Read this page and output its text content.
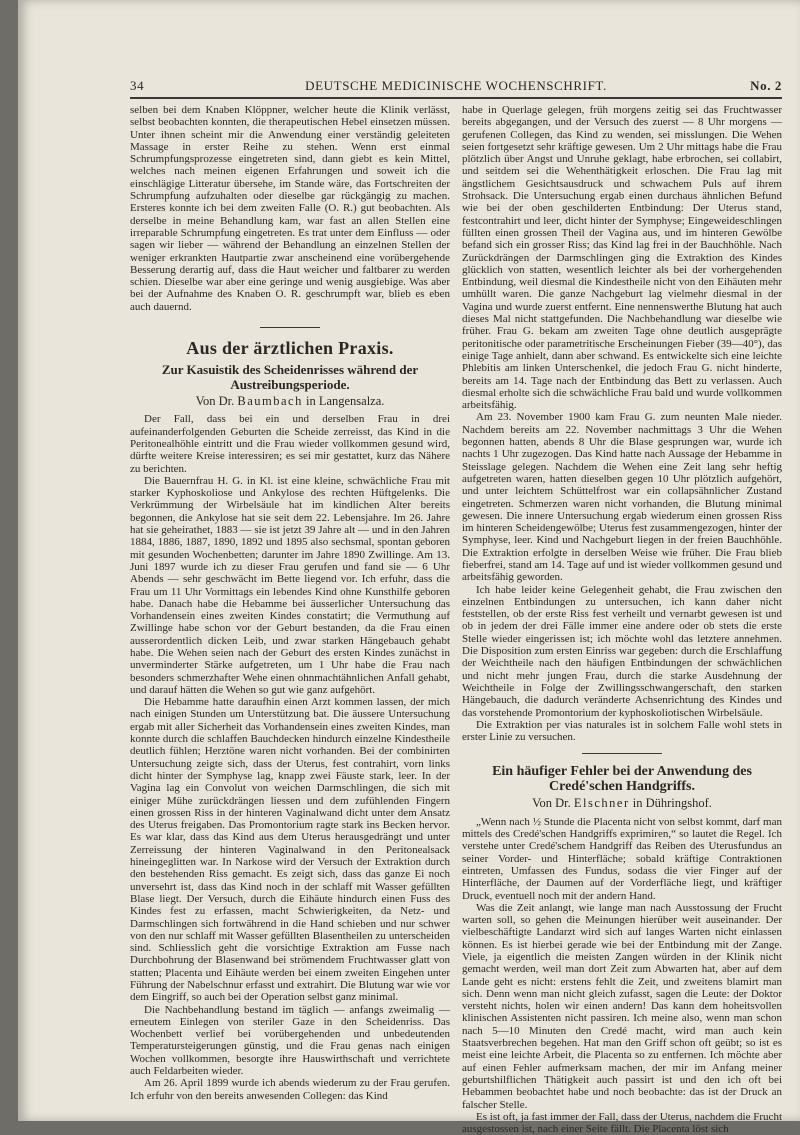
34	DEUTSCHE MEDICINISCHE WOCHENSCHRIFT.	No. 2

selben bei dem Knaben Klöppner, welcher heute die Klinik verlässt, selbst beobachten konnten, die therapeutischen Hebel einsetzen müssen. Unter ihnen scheint mir die Anwendung einer verständig geleiteten Massage in erster Reihe zu stehen. Wenn erst einmal Schrumpfungsprozesse eingetreten sind, dann giebt es kein Mittel, welches nach meinen eigenen Erfahrungen und soweit ich die einschlägige Litteratur übersehe, im Stande wäre, das Fortschreiten der Schrumpfung aufzuhalten oder dieselbe gar rückgängig zu machen. Ersteres konnte ich bei dem zweiten Falle (O. R.) gut beobachten. Als derselbe in meine Behandlung kam, war fast an allen Stellen eine irreparable Schrumpfung eingetreten. Es trat unter dem Einfluss — oder sagen wir lieber — während der Behandlung an einzelnen Stellen der weniger erkrankten Hautpartie zwar anscheinend eine vorübergehende Besserung derartig auf, dass die Haut weicher und faltbarer zu werden schien. Dieselbe war aber eine geringe und wenig ausgiebige. Was aber bei der Aufnahme des Knaben O. R. geschrumpft war, blieb es eben auch dauernd.

Aus der ärztlichen Praxis.
Zur Kasuistik des Scheidenrisses während der Austreibungsperiode.
Von Dr. Baumbach in Langensalza.

Der Fall, dass bei ein und derselben Frau in drei aufeinanderfolgenden Geburten die Scheide zerreisst, das Kind in die Peritonealhöhle eintritt und die Frau wieder vollkommen gesund wird, dürfte weitere Kreise interessiren; es sei mir gestattet, kurz das Nähere zu berichten.

Die Bauernfrau H. G. in Kl. ist eine kleine, schwächliche Frau mit starker Kyphoskoliose und Ankylose des rechten Hüftgelenks. Die Verkrümmung der Wirbelsäule hat im kindlichen Alter bereits begonnen, die Ankylose hat sie seit dem 22. Lebensjahre. Im 26. Jahre hat sie geheirathet, 1883 — sie ist jetzt 39 Jahre alt — und in den Jahren 1884, 1886, 1887, 1890, 1892 und 1895 also sechsmal, spontan geboren mit gesunden Wochenbetten; darunter im Jahre 1890 Zwillinge. Am 13. Juni 1897 wurde ich zu dieser Frau gerufen und fand sie — 6 Uhr Abends — sehr geschwächt im Bette liegend vor. Ich erfuhr, dass die Frau um 11 Uhr Vormittags ein lebendes Kind ohne Kunsthilfe geboren habe. Danach habe die Hebamme bei äusserlicher Untersuchung das Vorhandensein eines zweiten Kindes constatirt; die Vermuthung auf Zwillinge habe schon vor der Geburt bestanden, da die Frau einen ausserordentlich dicken Leib, und zwar starken Hängebauch gehabt habe. Die Wehen seien nach der Geburt des ersten Kindes zunächst in unverminderter Stärke aufgetreten, um 1 Uhr habe die Frau nach besonders schmerzhafter Wehe einen ohnmachtähnlichen Anfall gehabt, und darauf hätten die Wehen so gut wie ganz aufgehört.

Die Hebamme hatte daraufhin einen Arzt kommen lassen, der mich nach einigen Stunden um Unterstützung bat. Die äussere Untersuchung ergab mit aller Sicherheit das Vorhandensein eines zweiten Kindes, man konnte durch die schlaffen Bauchdecken hindurch einzelne Kindestheile deutlich fühlen; Herztöne waren nicht vorhanden. Bei der combinirten Untersuchung zeigte sich, dass der Uterus, fest contrahirt, vorn links dicht hinter der Symphyse lag, knapp zwei Fäuste stark, leer. In der Vagina lag ein Convolut von weichen Darmschlingen, die sich mit einiger Mühe zurückdrängen liessen und dem zufühlenden Fingern einen grossen Riss in der hinteren Vaginalwand dicht unter dem Ansatz des Uterus freigaben. Das Promontorium ragte stark ins Becken hervor. Es war klar, dass das Kind aus dem Uterus herausgedrängt und unter Zerreissung der hinteren Vaginalwand in den Peritonealsack hineingeglitten war. In Narkose wird der Versuch der Extraktion durch den bestehenden Riss gemacht. Es zeigt sich, dass das ganze Ei noch unversehrt ist, dass das Kind noch in der schlaff mit Wasser gefüllten Blase liegt. Der Versuch, durch die Eihäute hindurch einen Fuss des Kindes fest zu erfassen, macht Schwierigkeiten, da Netz- und Darmschlingen sich fortwährend in die Hand schieben und nur schwer von den nur schlaff mit Wasser gefüllten Blasentheilen zu unterscheiden sind. Schliesslich geht die vorsichtige Extraktion am Fusse nach Durchbohrung der Blasenwand bei strömendem Fruchtwasser glatt von statten; Placenta und Eihäute werden bei einem zweiten Eingehen unter Führung der Nabelschnur erfasst und extrahirt. Die Blutung war wie vor dem Eingriff, so auch bei der Operation selbst ganz minimal.

Die Nachbehandlung bestand im täglich — anfangs zweimalig — erneutem Einlegen von steriler Gaze in den Scheidenriss. Das Wochenbett verlief bei vorübergehenden und unbedeutenden Temperatursteigerungen günstig, und die Frau genas nach einigen Wochen vollkommen, besorgte ihre Hauswirthschaft und verrichtete auch Feldarbeiten wieder.

Am 26. April 1899 wurde ich abends wiederum zu der Frau gerufen. Ich erfuhr von den bereits anwesenden Collegen: das Kind

habe in Querlage gelegen, früh morgens zeitig sei das Fruchtwasser bereits abgegangen, und der Versuch des zuerst — 8 Uhr morgens — gerufenen Collegen, das Kind zu wenden, sei misslungen. Die Wehen seien fortgesetzt sehr kräftige gewesen. Um 2 Uhr mittags habe die Frau plötzlich über Angst und Unruhe geklagt, habe erbrochen, sei collabirt, und seitdem sei die Wehenthätigkeit erloschen. Die Frau lag mit ängstlichem Gesichtsausdruck und schwachem Puls auf ihrem Strohsack. Die Untersuchung ergab einen durchaus ähnlichen Befund wie bei der oben geschilderten Entbindung: Der Uterus stand, festcontrahirt und leer, dicht hinter der Symphyse; Eingeweideschlingen füllten einen grossen Theil der Vagina aus, und im hinteren Gewölbe befand sich ein grosser Riss; das Kind lag frei in der Bauchhöhle. Nach Zurückdrängen der Darmschlingen ging die Extraktion des Kindes glücklich von statten, wesentlich leichter als bei der vorhergehenden Entbindung, weil diesmal die Kindestheile nicht von den Eihäuten mehr umhüllt waren. Die ganze Nachgeburt lag vielmehr diesmal in der Vagina und wurde zuerst entfernt. Eine nennenswerthe Blutung hat auch dieses Mal nicht stattgefunden. Die Nachbehandlung war dieselbe wie früher. Frau G. bekam am zweiten Tage ohne deutlich ausgeprägte peritonitische oder parametritische Erscheinungen Fieber (39—40°), das einige Tage anhielt, dann aber schwand. Es entwickelte sich eine leichte Phlebitis am linken Unterschenkel, die jedoch Frau G. nicht hinderte, bereits am 14. Tage nach der Entbindung das Bett zu verlassen. Auch diesmal erholte sich die schwächliche Frau bald und wurde vollkommen arbeitsfähig.

Am 23. November 1900 kam Frau G. zum neunten Male nieder. Nachdem bereits am 22. November nachmittags 3 Uhr die Wehen begonnen hatten, abends 8 Uhr die Blase gesprungen war, wurde ich nachts 1 Uhr zugezogen. Das Kind hatte nach Aussage der Hebamme in Steisslage gelegen. Nachdem die Wehen eine Zeit lang sehr heftig aufgetreten waren, hatten dieselben gegen 10 Uhr plötzlich aufgehört, und unter leichtem Schüttelfrost war ein collapsähnlicher Zustand eingetreten. Schmerzen waren nicht vorhanden, die Blutung minimal gewesen. Die innere Untersuchung ergab wiederum einen grossen Riss im hinteren Scheidengewölbe; Uterus fest zusammengezogen, hinter der Symphyse, leer. Kind und Nachgeburt liegen in der freien Bauchhöhle. Die Extraktion erfolgte in derselben Weise wie früher. Die Frau blieb fieberfrei, stand am 14. Tage auf und ist wieder vollkommen gesund und arbeitsfähig geworden.

Ich habe leider keine Gelegenheit gehabt, die Frau zwischen den einzelnen Entbindungen zu untersuchen, ich kann daher nicht feststellen, ob der erste Riss fest verheilt und vernarbt gewesen ist und ob in jedem der drei Fälle immer eine andere oder ob stets die erste Stelle wieder eingerissen ist; ich möchte wohl das letztere annehmen. Die Disposition zum ersten Einriss war gegeben: durch die Erschlaffung der Weichtheile nach den häufigen Entbindungen der schwächlichen und nicht mehr jungen Frau, durch die starke Ausdehnung der Weichtheile in Folge der Zwillingsschwangerschaft, den starken Hängebauch, die dadurch veränderte Achsenrichtung des Kindes und das vorstehende Promontorium der kyphoskoliotischen Wirbelsäule.

Die Extraktion per vias naturales ist in solchem Falle wohl stets in erster Linie zu versuchen.

Ein häufiger Fehler bei der Anwendung des Credé'schen Handgriffs.
Von Dr. Elschner in Dühringshof.

„Wenn nach ½ Stunde die Placenta nicht von selbst kommt, darf man mittels des Credé'schen Handgriffs exprimiren,“ so lautet die Regel. Ich verstehe unter Credé'schem Handgriff das Reiben des Uterusfundus an seiner Vorder- und Hinterfläche; sobald kräftige Contraktionen eintreten, Umfassen des Fundus, sodass die vier Finger auf der Hinterfläche, der Daumen auf der Vorderfläche liegt, und kräftiger Druck, eventuell noch mit der andern Hand.

Was die Zeit anlangt, wie lange man nach Ausstossung der Frucht warten soll, so gehen die Meinungen hierüber weit auseinander. Der vielbeschäftigte Landarzt wird sich auf langes Warten nicht einlassen können. Es ist hierbei gerade wie bei der Entbindung mit der Zange. Viele, ja eigentlich die meisten Zangen würden in der Klinik nicht gemacht werden, weil man dort Zeit zum Abwarten hat, aber auf dem Lande geht es nicht: erstens fehlt die Zeit, und zweitens blamirt man sich. Denn wenn man nicht gleich zufasst, sagen die Leute: der Doktor versteht nichts, holen wir einen andern! Das kann dem hoheitsvollen klinischen Assistenten nicht passiren. Ich meine also, wenn man schon nach 5—10 Minuten den Credé macht, wird man auch kein Staatsverbrechen begehen. Hat man den Griff schon oft geübt; so ist es meist eine leichte Arbeit, die Placenta so zu entfernen. Ich möchte aber auf einen Fehler aufmerksam machen, der mir im Anfang meiner geburtshilflichen Thätigkeit auch passirt ist und den ich oft bei Hebammen beobachtet habe und noch beobachte: das ist der Druck an falscher Stelle.

Es ist oft, ja fast immer der Fall, dass der Uterus, nachdem die Frucht ausgestossen ist, nach einer Seite fällt. Die Placenta löst sich
